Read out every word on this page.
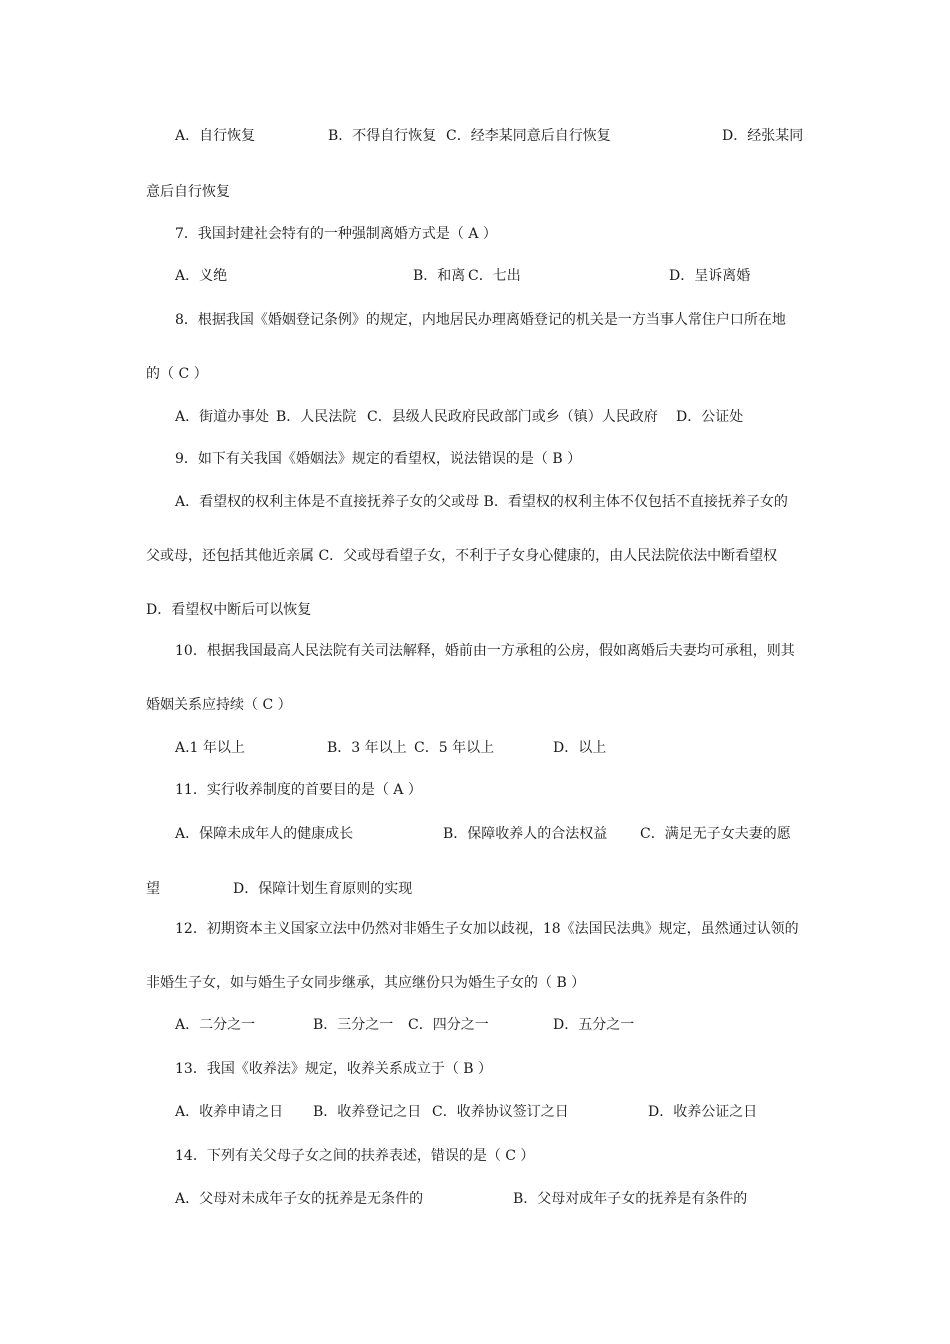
A．自行恢复	B．不得自行恢复 C．经李某同意后自行恢复	D．经张某同
意后自行恢复
7．我国封建社会特有的一种强制离婚方式是（ A ）
A．义绝	B．和离 C．七出	D．呈诉离婚
8．根据我国《婚姻登记条例》的规定，内地居民办理离婚登记的机关是一方当事人常住户口所在地
的（ C ）
A．街道办事处 B．人民法院 C．县级人民政府民政部门或乡（镇）人民政府 D．公证处
9．如下有关我国《婚姻法》规定的看望权，说法错误的是（ B ）
A．看望权的权利主体是不直接抚养子女的父或母 B．看望权的权利主体不仅包括不直接抚养子女的
父或母，还包括其他近亲属 C．父或母看望子女，不利于子女身心健康的，由人民法院依法中断看望权
D．看望权中断后可以恢复
10．根据我国最高人民法院有关司法解释，婚前由一方承租的公房，假如离婚后夫妻均可承租，则其
婚姻关系应持续（ C ）
A.1 年以上	B．3 年以上 C．5 年以上	D．以上
11．实行收养制度的首要目的是（ A ）
A．保障未成年人的健康成长	B．保障收养人的合法权益 C．满足无子女夫妻的愿
望	D．保障计划生育原则的实现
12．初期资本主义国家立法中仍然对非婚生子女加以歧视，18《法国民法典》规定，虽然通过认领的
非婚生子女，如与婚生子女同步继承，其应继份只为婚生子女的（ B ）
A．二分之一	B．三分之一 C．四分之一	D．五分之一
13．我国《收养法》规定，收养关系成立于（ B ）
A．收养申请之日 B．收养登记之日 C．收养协议签订之日	D．收养公证之日
14．下列有关父母子女之间的扶养表述，错误的是（ C ）
A．父母对未成年子女的抚养是无条件的	B．父母对成年子女的抚养是有条件的
